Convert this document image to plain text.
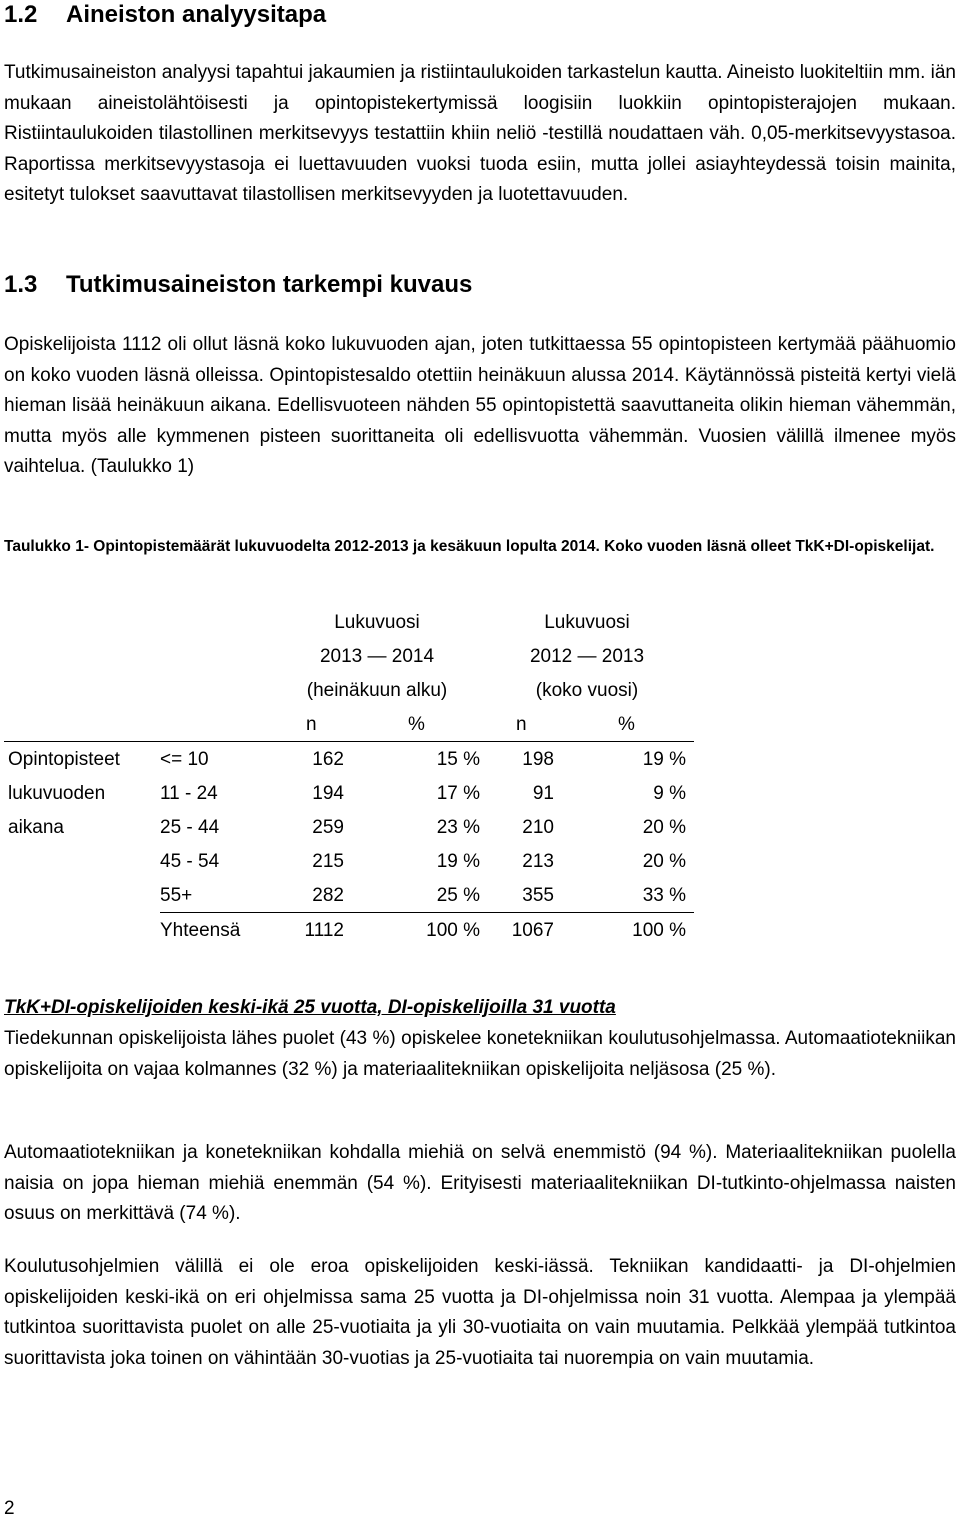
1.2	Aineiston analyysitapa

Tutkimusaineiston analyysi tapahtui jakaumien ja ristiintaulukoiden tarkastelun kautta. Aineisto luokiteltiin mm. iän mukaan aineistolähtöisesti ja opintopistekertymissä loogisiin luokkiin opintopisterajojen mukaan. Ristiintaulukoiden tilastollinen merkitsevyys testattiin khiin neliö -testillä noudattaen väh. 0,05-merkitsevyystasoa. Raportissa merkitsevyystasoja ei luettavuuden vuoksi tuoda esiin, mutta jollei asiayhteydessä toisin mainita, esitetyt tulokset saavuttavat tilastollisen merkitsevyyden ja luotettavuuden.

1.3	Tutkimusaineiston tarkempi kuvaus

Opiskelijoista 1112 oli ollut läsnä koko lukuvuoden ajan, joten tutkittaessa 55 opintopisteen kertymää päähuomio on koko vuoden läsnä olleissa. Opintopistesaldo otettiin heinäkuun alussa 2014. Käytännössä pisteitä kertyi vielä hieman lisää heinäkuun aikana. Edellisvuoteen nähden 55 opintopistettä saavuttaneita olikin hieman vähemmän, mutta myös alle kymmenen pisteen suorittaneita oli edellisvuotta vähemmän. Vuosien välillä ilmenee myös vaihtelua. (Taulukko 1)

Taulukko 1- Opintopistemäärät lukuvuodelta 2012-2013 ja kesäkuun lopulta 2014. Koko vuoden läsnä olleet TkK+DI-opiskelijat.
Lukuvuosi	Lukuvuosi
2013 — 2014	2012 — 2013
(heinäkuun alku)	(koko vuosi)
n	%	n	%
Opintopisteet
lukuvuoden
aikana
<= 10	162	15 %	198	19 %
11 - 24	194	17 %	91	9 %
25 - 44	259	23 %	210	20 %
45 - 54	215	19 %	213	20 %
55+	282	25 %	355	33 %
Yhteensä	1112	100 %	1067	100 %
TkK+DI-opiskelijoiden keski-ikä 25 vuotta, DI-opiskelijoilla 31 vuotta

Tiedekunnan opiskelijoista lähes puolet (43 %) opiskelee konetekniikan koulutusohjelmassa. Automaatiotekniikan opiskelijoita on vajaa kolmannes (32 %) ja materiaalitekniikan opiskelijoita neljäsosa (25 %).

Automaatiotekniikan ja konetekniikan kohdalla miehiä on selvä enemmistö (94 %). Materiaalitekniikan puolella naisia on jopa hieman miehiä enemmän (54 %). Erityisesti materiaalitekniikan DI-tutkinto-ohjelmassa naisten osuus on merkittävä (74 %).

Koulutusohjelmien välillä ei ole eroa opiskelijoiden keski-iässä. Tekniikan kandidaatti- ja DI-ohjelmien opiskelijoiden keski-ikä on eri ohjelmissa sama 25 vuotta ja DI-ohjelmissa noin 31 vuotta. Alempaa ja ylempää tutkintoa suorittavista puolet on alle 25-vuotiaita ja yli 30-vuotiaita on vain muutamia. Pelkkää ylempää tutkintoa suorittavista joka toinen on vähintään 30-vuotias ja 25-vuotiaita tai nuorempia on vain muutamia.

2
